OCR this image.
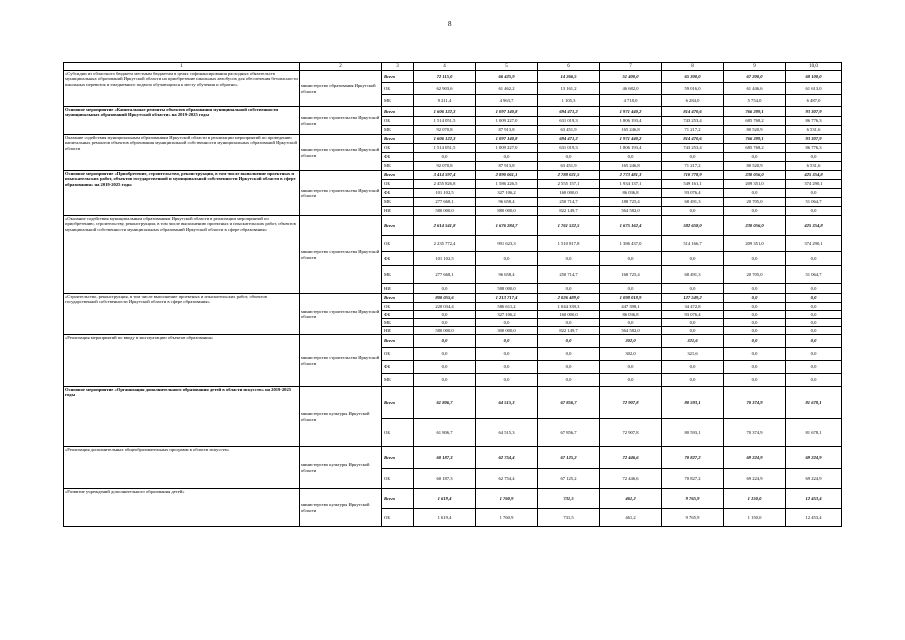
8
1	2	3	4	5	6	7	8	9	10,0
«Субсидии из областного бюджета местным бюджетам в целях софинансирования расходных обязательств муниципальных образований Иркутской области на приобретение школьных автобусов для обеспечения безопасности школьных перевозок и ежедневного подвоза обучающихся к месту обучения и обратно»	министерство образования Иркутской области	Всего	72 115,0	66 425,9	14 266,5	51 400,0	65 300,0	67 200,0	68 100,0
		ОБ	62 903,6	61 462,2	13 161,2	46 682,0	59 016,0	61 446,6	61 613,0
		МБ	9 211,4	4 963,7	1 105,3	4 718,0	6 284,0	5 754,0	6 487,0
Основное мероприятие «Капитальные ремонты объектов образования муниципальной собственности муниципальных образований Иркутской области» на 2019-2025 годы	министерство строительства Иркутской области	Всего	1 606 122,3	1 097 140,8	694 471,2	1 971 440,2	814 470,6	766 289,1	93 307,9
		ОБ	1 514 051,5	1 009 227,0	631 019,3	1 806 193,4	743 253,4	685 768,2	86 776,3
		МБ	92 070,8	87 913,8	63 451,9	165 246,8	71 217,2	80 520,9	6 531,6
Оказание содействия муниципальным образованиям Иркутской области в реализации мероприятий по проведению капитальных ремонтов объектов образования муниципальной собственности муниципальных образований Иркутской области	министерство строительства Иркутской области	Всего	1 606 122,3	1 097 140,8	694 471,2	1 971 440,2	814 470,6	766 289,1	93 307,9
		ОБ	1 514 051,5	1 009 227,0	631 019,3	1 806 193,4	743 253,4	685 768,2	86 776,3
		ФБ	0,0	0,0	0,0	0,0	0,0	0,0	0,0
		МБ	92 070,8	87 913,8	63 451,9	165 246,8	71 217,2	80 520,9	6 531,6
Основное мероприятие «Приобретение, строительство, реконструкция, в том числе выполнение проектных и изыскательских работ, объектов государственной и муниципальной собственности Иркутской области в сфере образования» на 2019-2025 годы	министерство строительства Иркутской области	Всего	3 414 597,4	2 890 061,1	2 788 021,5	2 773 481,3	710 778,9	230 056,0	425 354,8
		ОБ	2 455 826,8	1 586 226,5	2 555 157,1	1 934 137,1	549 161,1	209 351,0	374 290,1
		ФБ	101 102,5	327 106,2	160 000,0	86 036,8	93 076,4	0,0	0,0
		МБ	277 668,1	96 658,4	250 714,7	188 725,4	68 491,3	20 705,0	51 064,7
		НИ	580 000,0	880 000,0	822 149,7	564 582,0	0,0	0,0	0,0
«Оказание содействия муниципальным образованиям Иркутской области в реализации мероприятий по приобретению, строительству, реконструкции, в том числе выполнению проектных и изыскательских работ, объектов муниципальной собственности муниципальных образований Иркутской области в сфере образования»	министерство строительства Иркутской области	Всего	2 614 541,8	1 676 284,7	1 761 532,5	1 675 162,4	582 658,0	230 056,0	425 354,8
		ОБ	2 235 772,4	991 623,3	1 510 817,8	1 386 437,0	514 166,7	209 351,0	374 290,1
		ФБ	101 102,5	0,0	0,0	0,0	0,0	0,0	0,0
		МБ	277 668,1	96 658,4	250 714,7	168 725,4	68 491,3	20 705,0	51 064,7
		НИ	0,0	588 000,0	0,0	0,0	0,0	0,0	0,0
«Строительство, реконструкция, в том числе выполнение проектных и изыскательских работ, объектов государственной собственности Иркутской области в сфере образования»	министерство строительства Иркутской области	Всего	800 055,6	1 213 717,4	2 026 489,0	1 098 018,9	127 549,2	0,0	0,0
		ОБ	220 034,4	586 611,2	1 044 339,3	447 398,1	34 472,8	0,0	0,0
		ФБ	0,0	327 106,2	160 000,0	86 036,8	93 076,4	0,0	0,0
		МБ	0,0	0,0	0,0	0,0	0,0	0,0	0,0
		НИ	580 000,0	300 000,0	822 149,7	564 582,0	0,0	0,0	0,0
«Реализация мероприятий по вводу в эксплуатацию объектов образования»	министерство строительства Иркутской области	Всего	0,0	0,0	0,0	302,0	321,6	0,0	0,0
		ОБ	0,0	0,0	0,0	302,0	321,6	0,0	0,0
		ФБ	0,0	0,0	0,0	0,0	0,0	0,0	0,0
		МБ	0,0	0,0	0,0	0,0	0,0	0,0	0,0
Основное мероприятие «Организация дополнительного образования детей в области искусств» на 2019-2025 годы	министерство культуры Иркутской области	Всего	61 806,7	64 515,3	67 856,7	72 907,8	80 593,1	70 374,9	81 678,1
		ОБ	61 806,7	64 515,3	67 856,7	72 907,8	80 593,1	70 374,9	81 678,1
«Реализация дополнительных общеобразовательных программ в области искусств»	министерство культуры Иркутской области	Всего	60 187,3	62 754,4	67 125,2	72 446,6	70 827,2	69 224,9	69 224,9
		ОБ	60 187,3	62 754,4	67 125,2	72 446,6	70 827,2	69 224,9	69 224,9
«Развитие учреждений дополнительного образования детей»	министерство культуры Иркутской области	Всего	1 619,4	1 760,9	731,5	461,2	9 765,9	1 150,0	12 453,4
		ОБ	1 619,4	1 760,9	731,5	461,2	9 765,9	1 150,0	12 453,4
